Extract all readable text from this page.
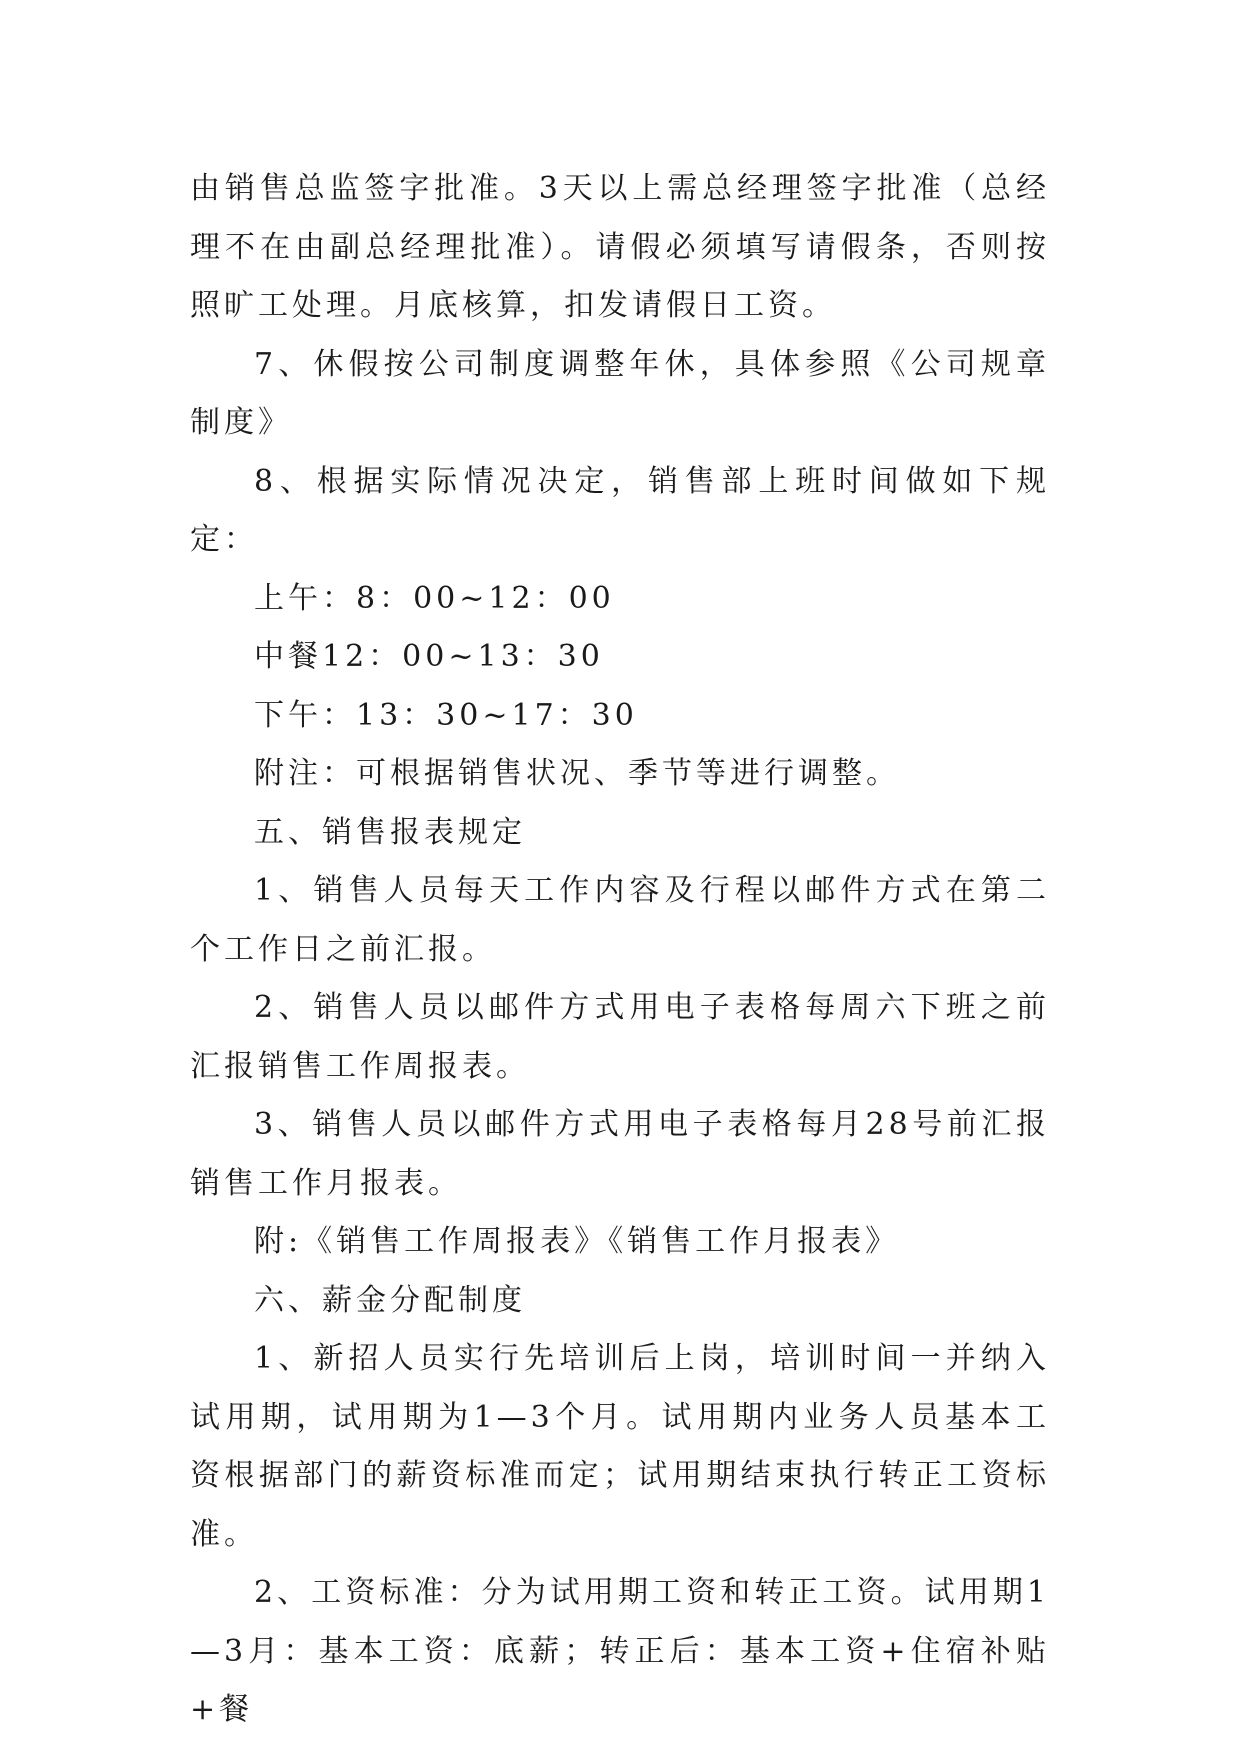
由销售总监签字批准。3天以上需总经理签字批准（总经理不在由副总经理批准）。请假必须填写请假条，否则按照旷工处理。月底核算，扣发请假日工资。

7、休假按公司制度调整年休，具体参照《公司规章制度》

8、根据实际情况决定，销售部上班时间做如下规定：

上午：8：00~12：00

中餐12：00~13：30

下午：13：30~17：30

附注：可根据销售状况、季节等进行调整。

五、销售报表规定

1、销售人员每天工作内容及行程以邮件方式在第二个工作日之前汇报。

2、销售人员以邮件方式用电子表格每周六下班之前汇报销售工作周报表。

3、销售人员以邮件方式用电子表格每月28号前汇报销售工作月报表。

附:《销售工作周报表》《销售工作月报表》

六、薪金分配制度

1、新招人员实行先培训后上岗，培训时间一并纳入试用期，试用期为1—3个月。试用期内业务人员基本工资根据部门的薪资标准而定；试用期结束执行转正工资标准。

2、工资标准：分为试用期工资和转正工资。试用期1—3月：基本工资：底薪；转正后：基本工资+住宿补贴+餐
